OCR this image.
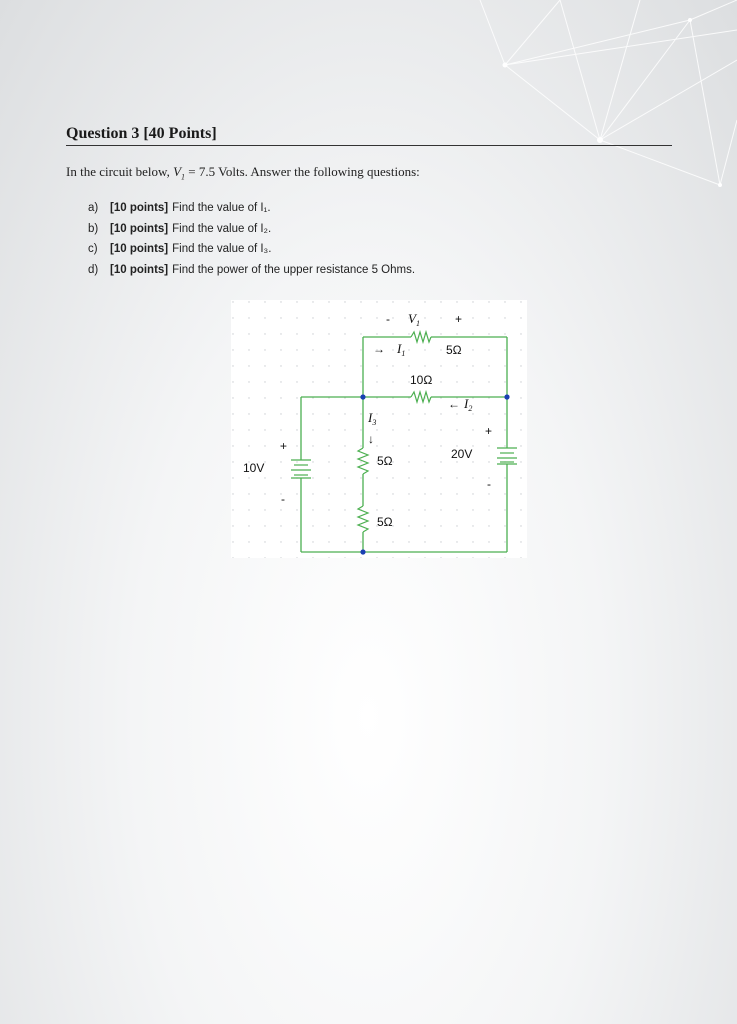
Question 3 [40 Points]
In the circuit below, $V_1 = 7.5$ Volts. Answer the following questions:
a) [10 points] Find the value of I₁.
b) [10 points] Find the value of I₂.
c) [10 points] Find the value of I₃.
d) [10 points] Find the power of the upper resistance 5 Ohms.
- $V_1$	+
→ $I_1$	5Ω
10Ω
← $I_2$
$I_3$
↓
5Ω
5Ω
10V
+
-
20V
+
-
